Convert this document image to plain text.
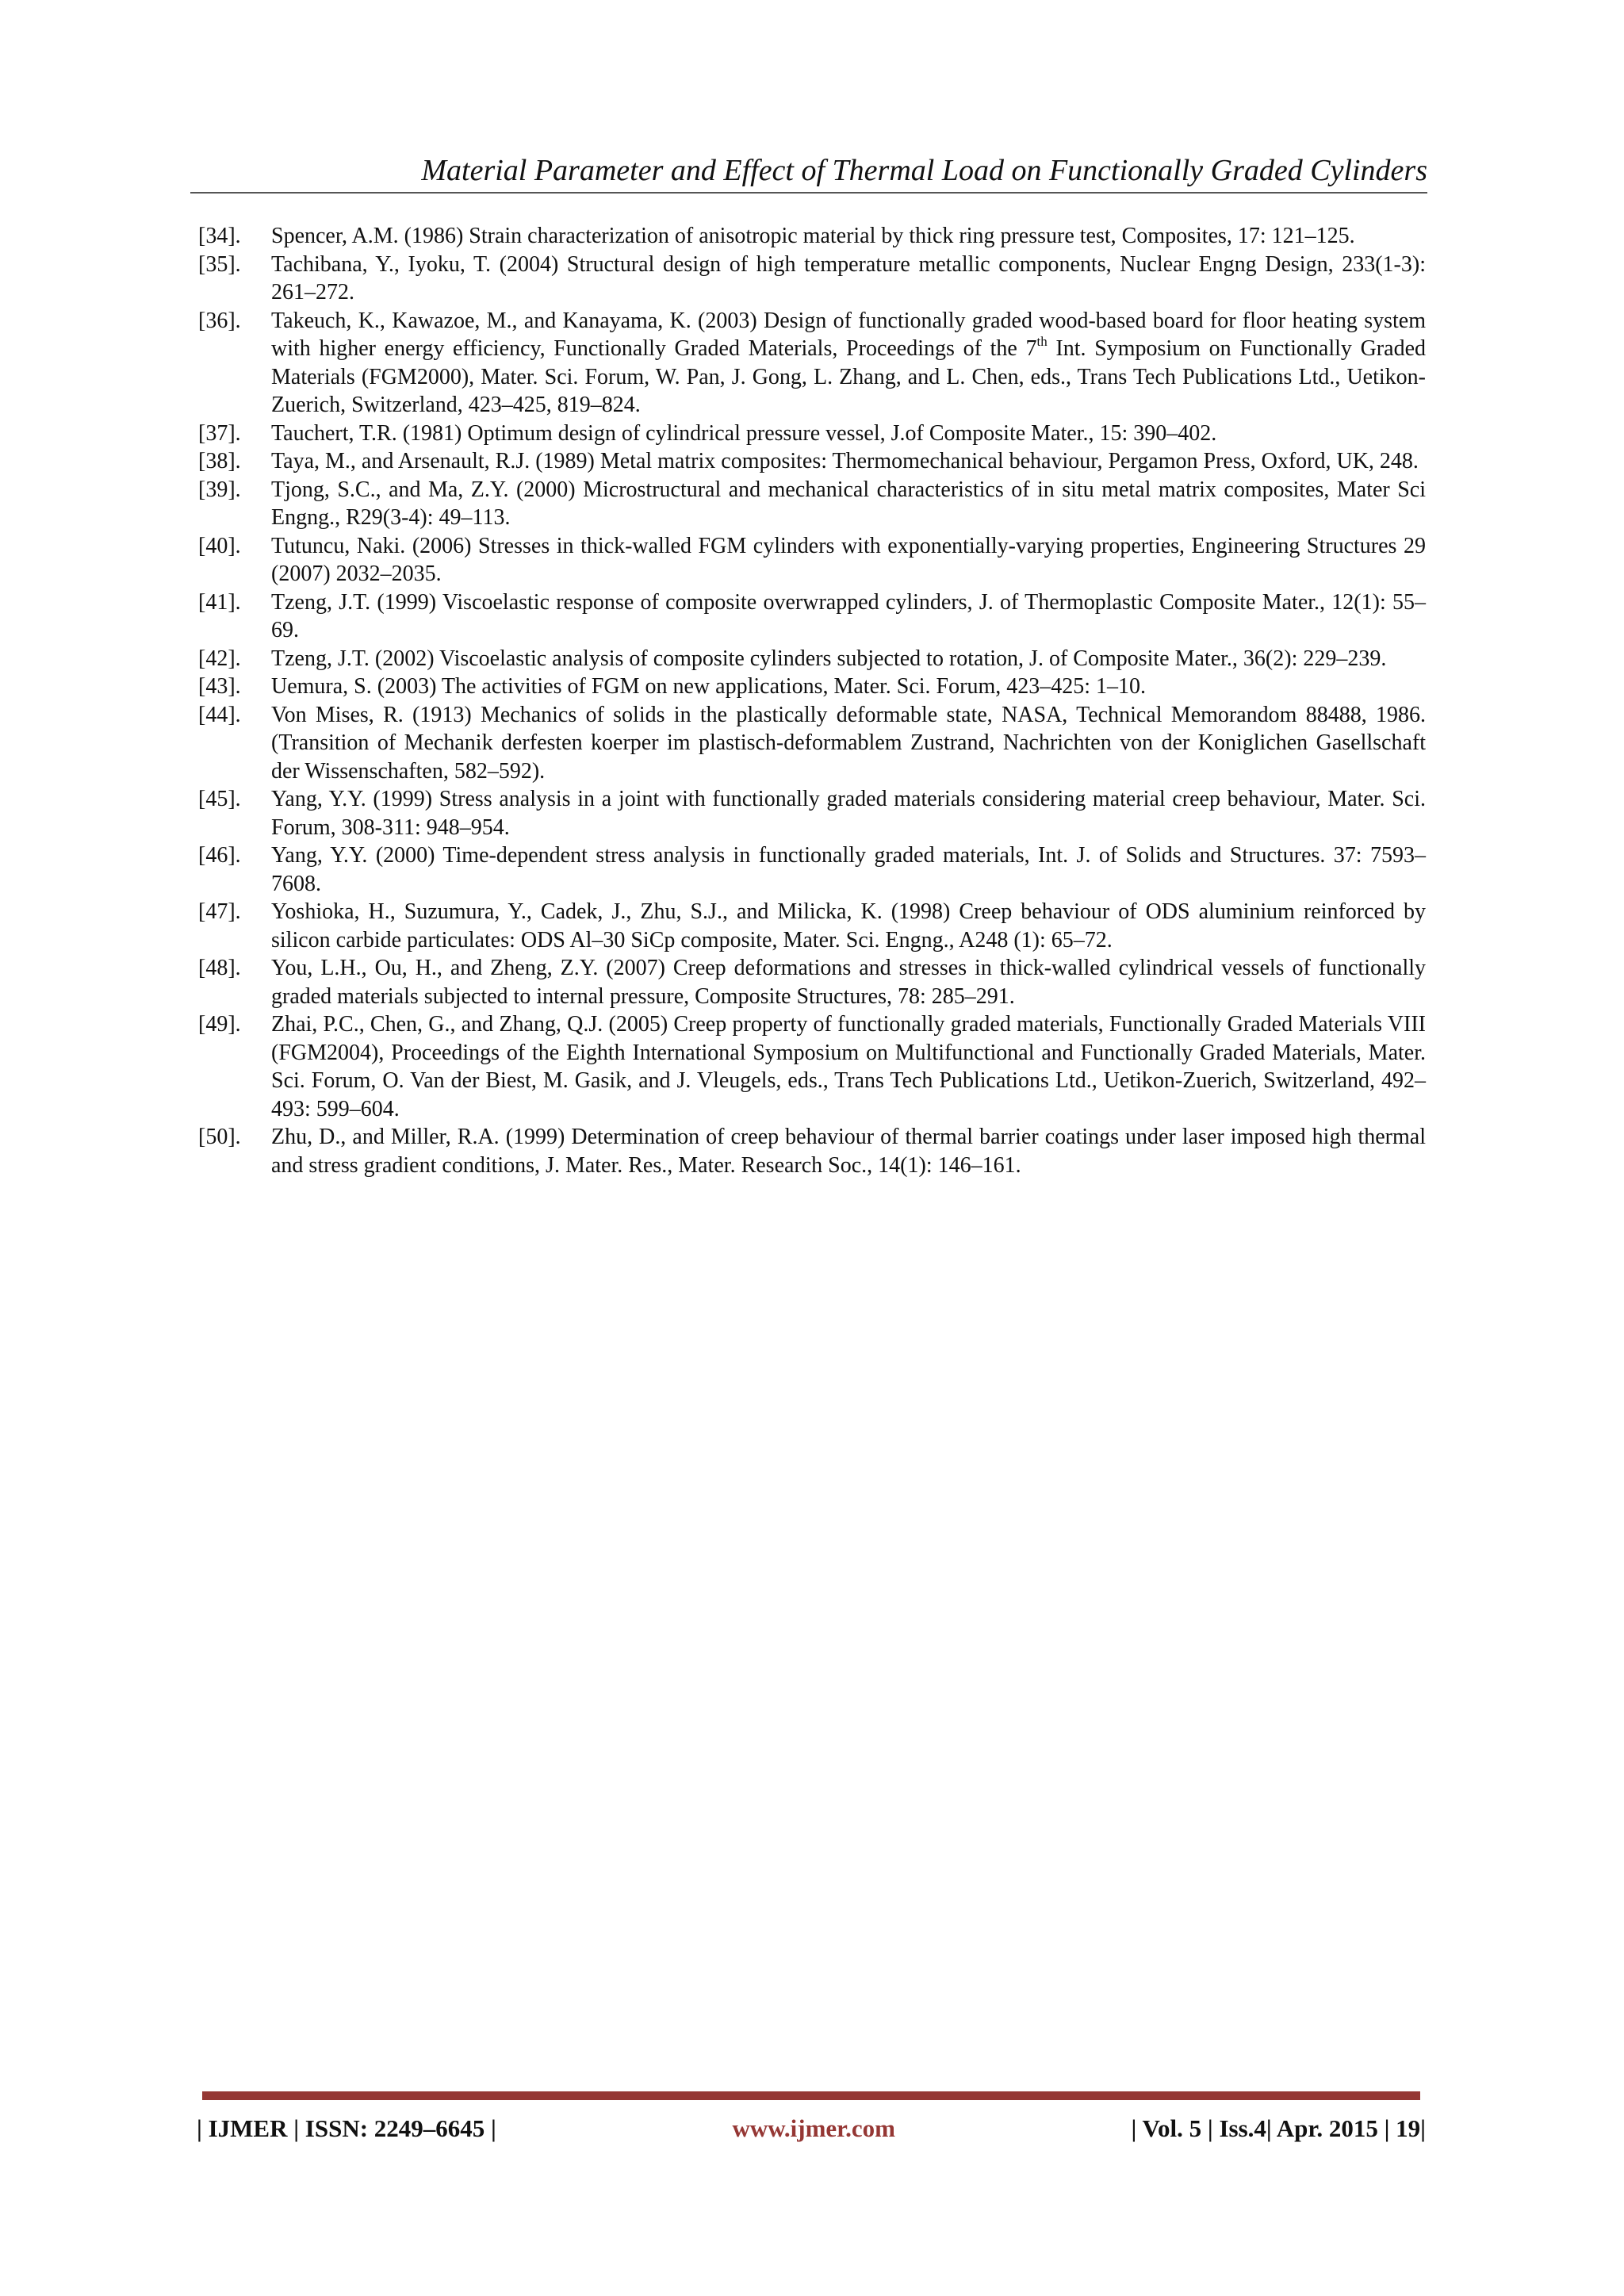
Material Parameter and Effect of Thermal Load on Functionally Graded Cylinders
[34].	Spencer, A.M. (1986) Strain characterization of anisotropic material by thick ring pressure test, Composites, 17: 121–125.
[35].	Tachibana, Y., Iyoku, T. (2004) Structural design of high temperature metallic components, Nuclear Engng Design, 233(1-3): 261–272.
[36].	Takeuch, K., Kawazoe, M., and Kanayama, K. (2003) Design of functionally graded wood-based board for floor heating system with higher energy efficiency, Functionally Graded Materials, Proceedings of the 7th Int. Symposium on Functionally Graded Materials (FGM2000), Mater. Sci. Forum, W. Pan, J. Gong, L. Zhang, and L. Chen, eds., Trans Tech Publications Ltd., Uetikon-Zuerich, Switzerland, 423–425, 819–824.
[37].	Tauchert, T.R. (1981) Optimum design of cylindrical pressure vessel, J.of Composite Mater., 15: 390–402.
[38].	Taya, M., and Arsenault, R.J. (1989) Metal matrix composites: Thermomechanical behaviour, Pergamon Press, Oxford, UK, 248.
[39].	Tjong, S.C., and Ma, Z.Y. (2000) Microstructural and mechanical characteristics of in situ metal matrix composites, Mater Sci Engng., R29(3-4): 49–113.
[40].	Tutuncu, Naki. (2006) Stresses in thick-walled FGM cylinders with exponentially-varying properties, Engineering Structures 29 (2007) 2032–2035.
[41].	Tzeng, J.T. (1999) Viscoelastic response of composite overwrapped cylinders, J. of Thermoplastic Composite Mater., 12(1): 55–69.
[42].	Tzeng, J.T. (2002) Viscoelastic analysis of composite cylinders subjected to rotation, J. of Composite Mater., 36(2): 229–239.
[43].	Uemura, S. (2003) The activities of FGM on new applications, Mater. Sci. Forum, 423–425: 1–10.
[44].	Von Mises, R. (1913) Mechanics of solids in the plastically deformable state, NASA, Technical Memorandom 88488, 1986. (Transition of Mechanik derfesten koerper im plastisch-deformablem Zustrand, Nachrichten von der Koniglichen Gasellschaft der Wissenschaften, 582–592).
[45].	Yang, Y.Y. (1999) Stress analysis in a joint with functionally graded materials considering material creep behaviour, Mater. Sci. Forum, 308-311: 948–954.
[46].	Yang, Y.Y. (2000) Time-dependent stress analysis in functionally graded materials, Int. J. of Solids and Structures. 37: 7593–7608.
[47].	Yoshioka, H., Suzumura, Y., Cadek, J., Zhu, S.J., and Milicka, K. (1998) Creep behaviour of ODS aluminium reinforced by silicon carbide particulates: ODS Al–30 SiCp composite, Mater. Sci. Engng., A248 (1): 65–72.
[48].	You, L.H., Ou, H., and Zheng, Z.Y. (2007) Creep deformations and stresses in thick-walled cylindrical vessels of functionally graded materials subjected to internal pressure, Composite Structures, 78: 285–291.
[49].	Zhai, P.C., Chen, G., and Zhang, Q.J. (2005) Creep property of functionally graded materials, Functionally Graded Materials VIII (FGM2004), Proceedings of the Eighth International Symposium on Multifunctional and Functionally Graded Materials, Mater. Sci. Forum, O. Van der Biest, M. Gasik, and J. Vleugels, eds., Trans Tech Publications Ltd., Uetikon-Zuerich, Switzerland, 492–493: 599–604.
[50].	Zhu, D., and Miller, R.A. (1999) Determination of creep behaviour of thermal barrier coatings under laser imposed high thermal and stress gradient conditions, J. Mater. Res., Mater. Research Soc., 14(1): 146–161.
| IJMER | ISSN: 2249–6645 |	www.ijmer.com	| Vol. 5 | Iss.4| Apr. 2015 | 19|
